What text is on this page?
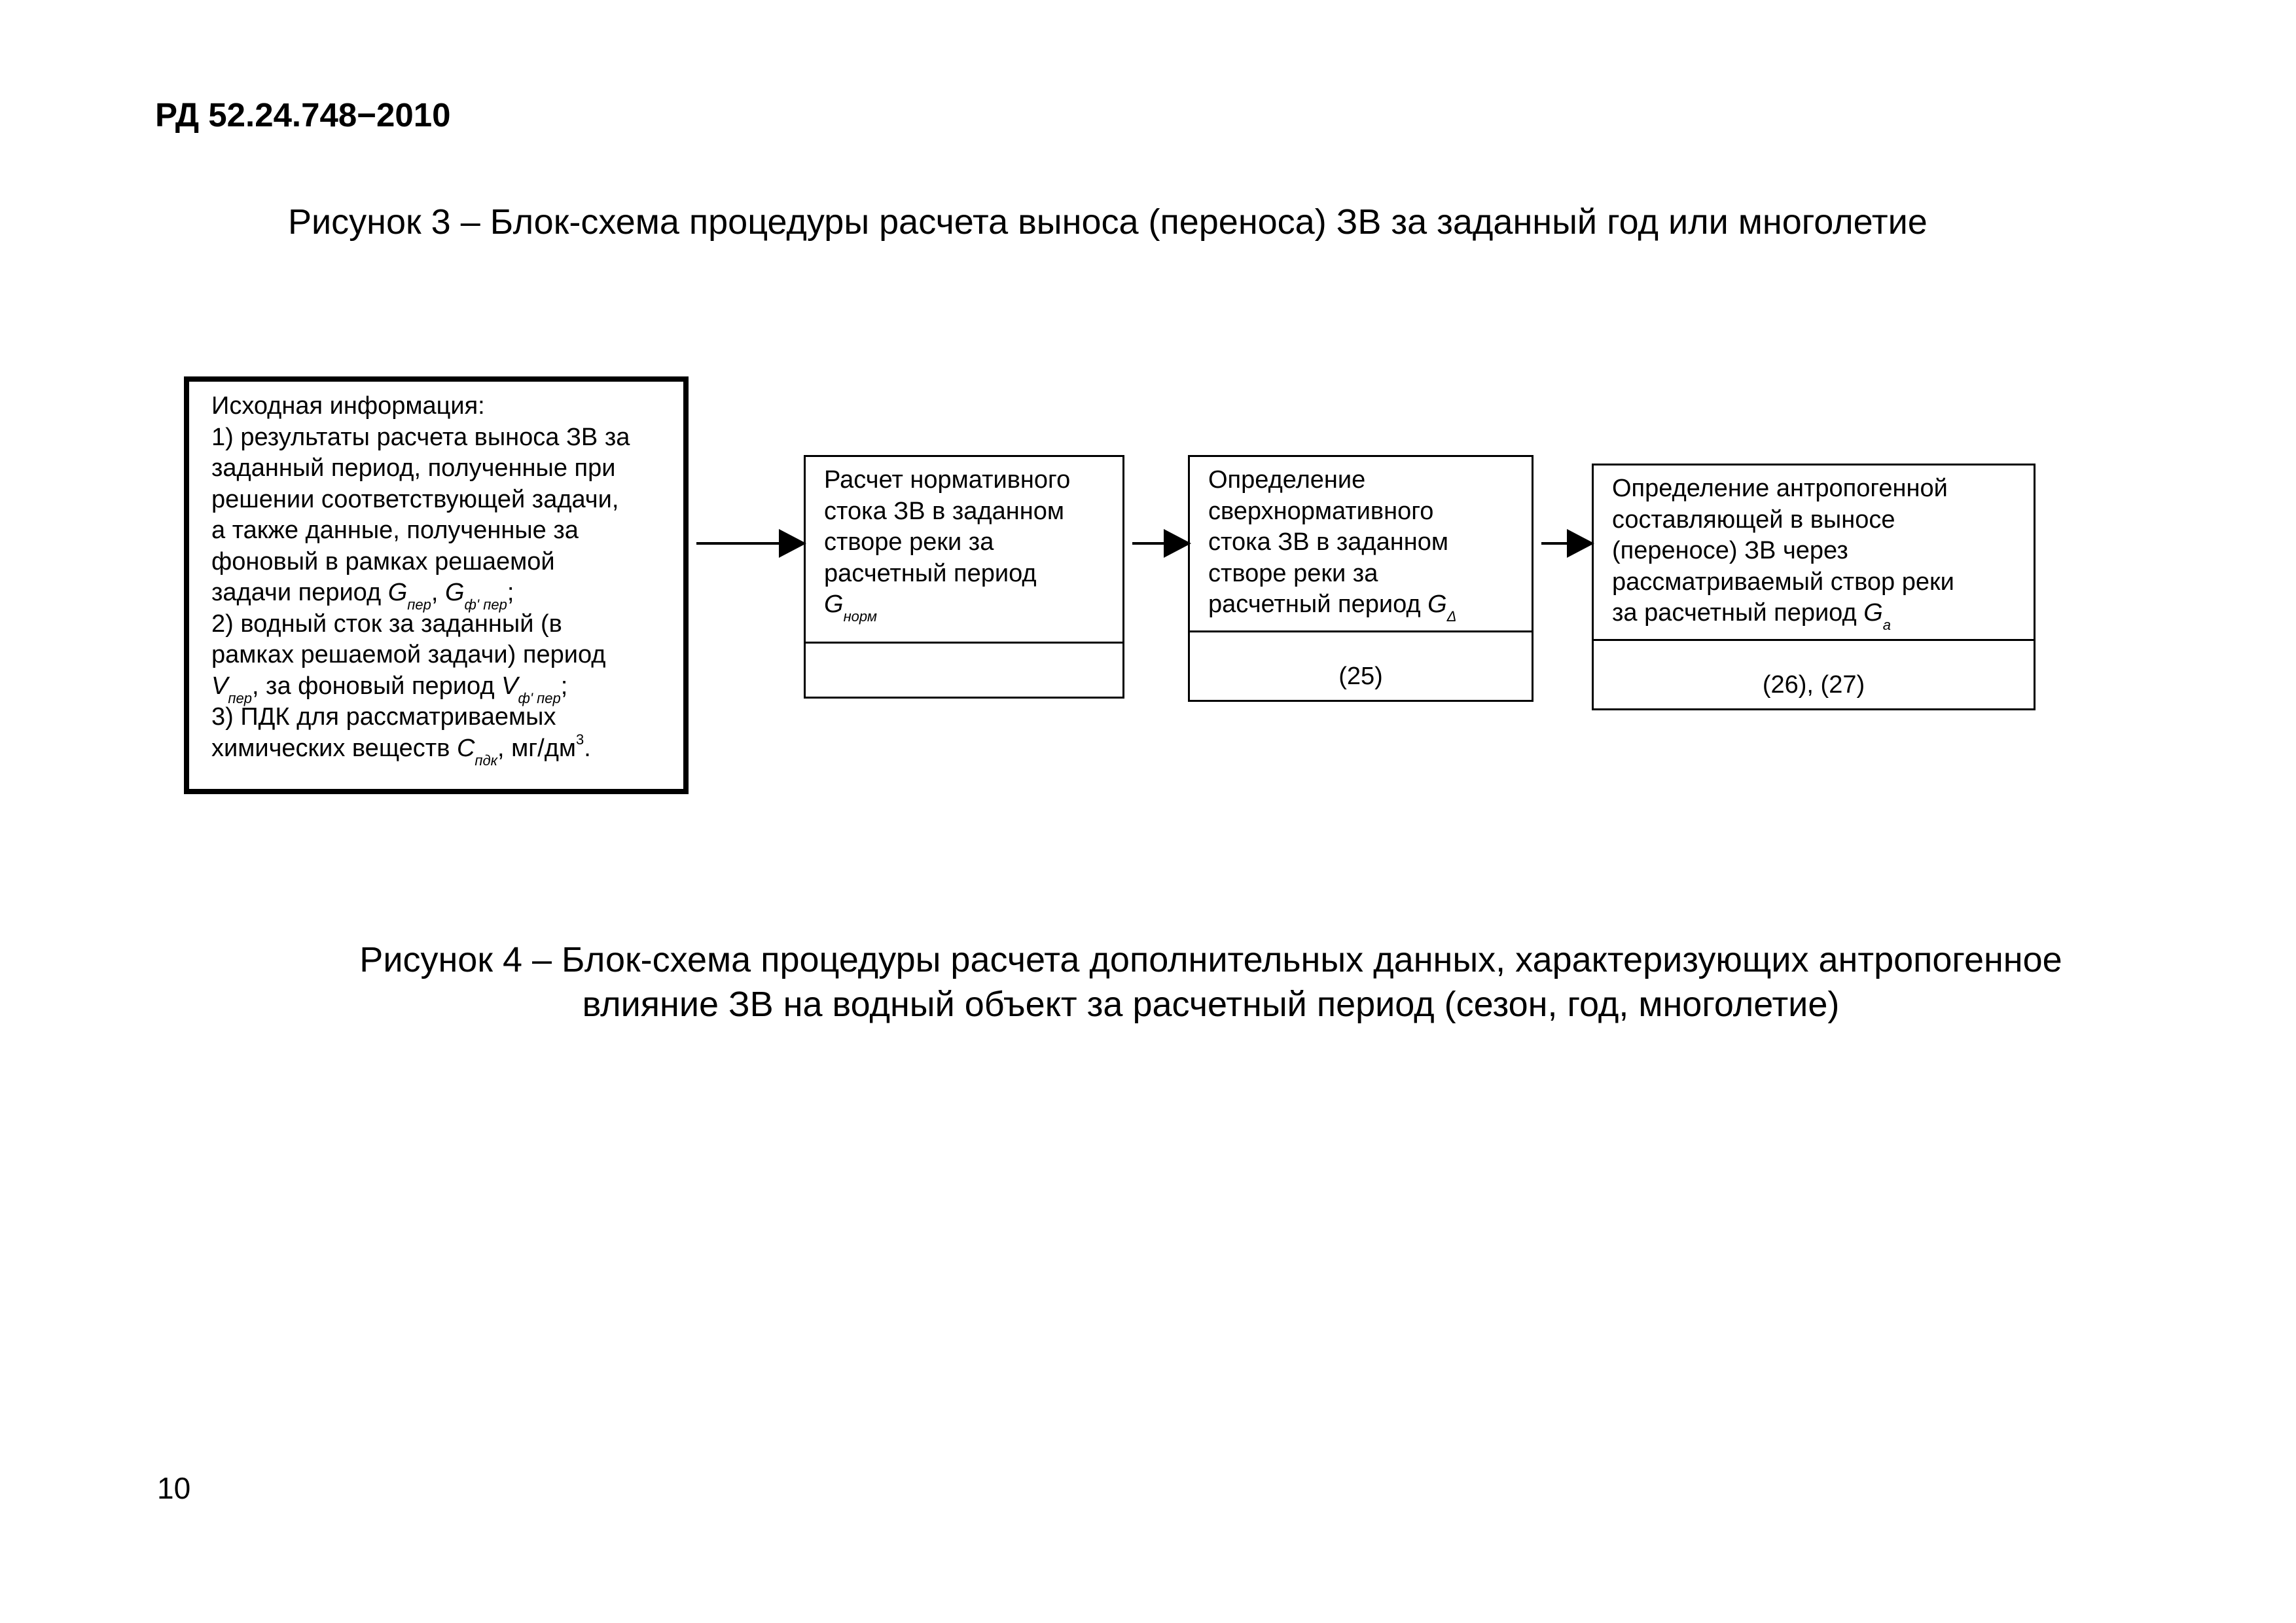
РД 52.24.748−2010
Рисунок 3 – Блок-схема процедуры расчета выноса (переноса) ЗВ за заданный год или многолетие
Исходная информация:
1) результаты расчета выноса ЗВ за
заданный период, полученные при
решении соответствующей задачи,
а также данные, полученные за
фоновый в рамках решаемой
задачи период $G_{пер}$, $G_{ф' пер}$;
2) водный сток за заданный (в
рамках решаемой задачи) период
$V_{пер}$, за фоновый период $V_{ф' пер}$;
3) ПДК для рассматриваемых
химических веществ $C_{пдк}$, $мг/дм^3$.
Расчет нормативного
стока ЗВ в заданном
створе реки за
расчетный период
$G_{норм}$
Определение
сверхнормативного
стока ЗВ в заданном
створе реки за
расчетный период $G_\Delta$
(25)
Определение антропогенной
составляющей в выносе
(переносе) ЗВ через
рассматриваемый створ реки
за расчетный период $G_а$
(26), (27)
Рисунок 4 – Блок-схема процедуры расчета дополнительных данных, характеризующих антропогенное
влияние ЗВ на водный объект за расчетный период (сезон, год, многолетие)
10
